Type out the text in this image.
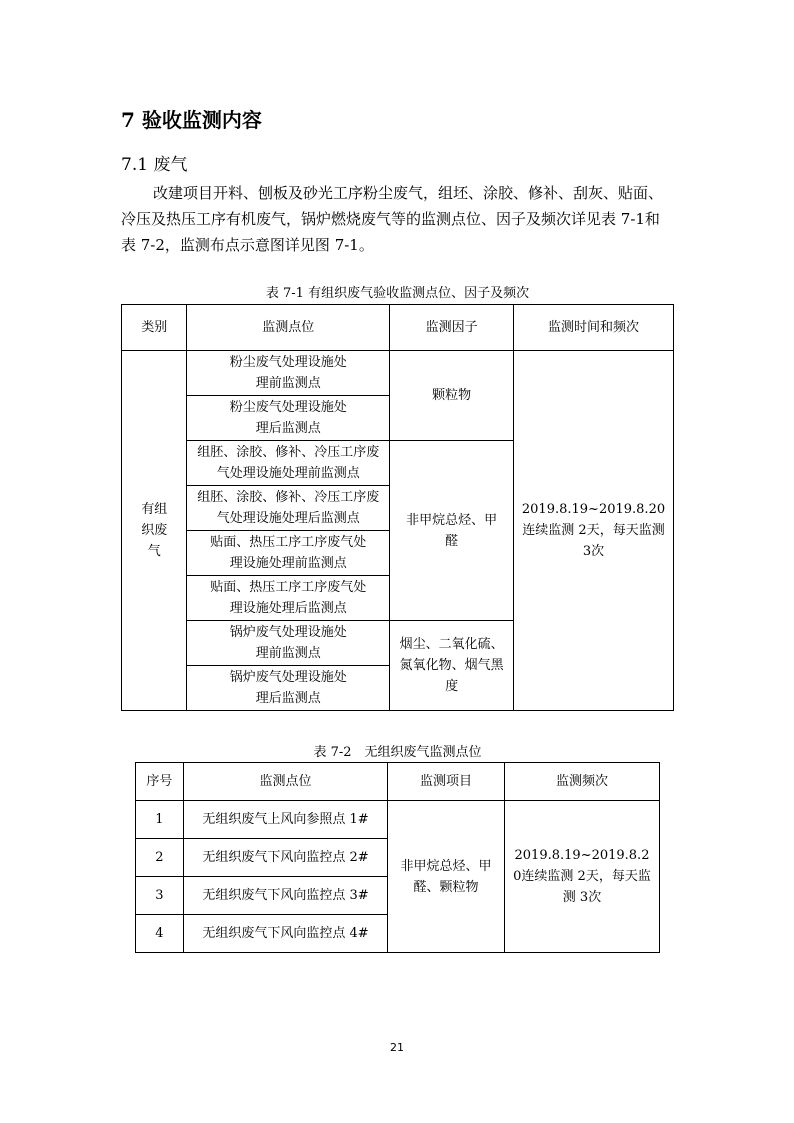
7 验收监测内容
7.1 废气
改建项目开料、刨板及砂光工序粉尘废气，组坯、涂胶、修补、刮灰、贴面、冷压及热压工序有机废气，锅炉燃烧废气等的监测点位、因子及频次详见表 7-1和表 7-2，监测布点示意图详见图 7-1。
表 7-1 有组织废气验收监测点位、因子及频次
类别	监测点位	监测因子	监测时间和频次

有组织废气	粉尘废气处理设施处理前监测点	颗粒物	2019.8.19~2019.8.20连续监测 2天，每天监测 3次

	粉尘废气处理设施处理后监测点		

	组胚、涂胶、修补、冷压工序废气处理设施处理前监测点	非甲烷总烃、甲醛	

	组胚、涂胶、修补、冷压工序废气处理设施处理后监测点		

	贴面、热压工序工序废气处理设施处理前监测点		

	贴面、热压工序工序废气处理设施处理后监测点		

	锅炉废气处理设施处理前监测点	烟尘、二氧化硫、氮氧化物、烟气黑度	

	锅炉废气处理设施处理后监测点		
表 7-2　无组织废气监测点位
序号	监测点位	监测项目	监测频次
1	无组织废气上风向参照点 1#	非甲烷总烃、甲醛、颗粒物	2019.8.19~2019.8.20连续监测 2天，每天监测 3次

2	无组织废气下风向监控点 2#		
3	无组织废气下风向监控点 3#		
4	无组织废气下风向监控点 4#		
21
